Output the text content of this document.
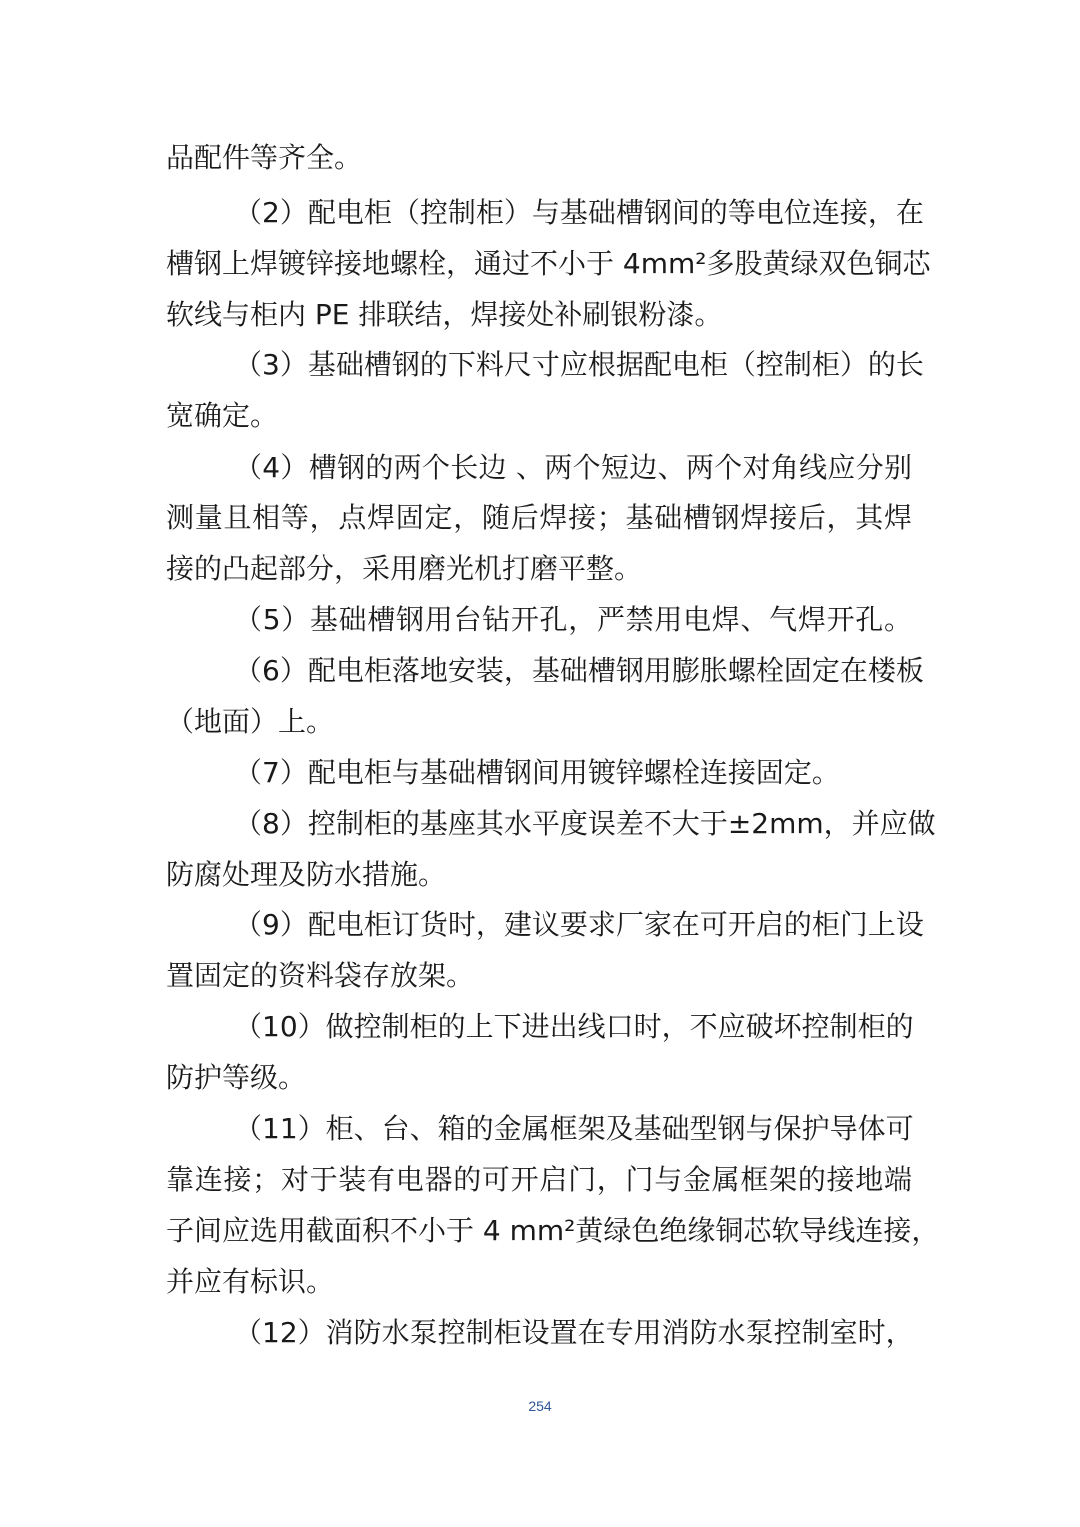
品配件等齐全。
（2）配电柜（控制柜）与基础槽钢间的等电位连接，在
槽钢上焊镀锌接地螺栓，通过不小于 4mm²多股黄绿双色铜芯
软线与柜内 PE 排联结，焊接处补刷银粉漆。
（3）基础槽钢的下料尺寸应根据配电柜（控制柜）的长
宽确定。
（4）槽钢的两个长边 、两个短边、两个对角线应分别
测量且相等，点焊固定，随后焊接；基础槽钢焊接后，其焊
接的凸起部分，采用磨光机打磨平整。
（5）基础槽钢用台钻开孔，严禁用电焊、气焊开孔。
（6）配电柜落地安装，基础槽钢用膨胀螺栓固定在楼板
（地面）上。
（7）配电柜与基础槽钢间用镀锌螺栓连接固定。
（8）控制柜的基座其水平度误差不大于±2mm，并应做
防腐处理及防水措施。
（9）配电柜订货时，建议要求厂家在可开启的柜门上设
置固定的资料袋存放架。
（10）做控制柜的上下进出线口时，不应破坏控制柜的
防护等级。
（11）柜、台、箱的金属框架及基础型钢与保护导体可
靠连接；对于装有电器的可开启门，门与金属框架的接地端
子间应选用截面积不小于 4 mm²黄绿色绝缘铜芯软导线连接，
并应有标识。
（12）消防水泵控制柜设置在专用消防水泵控制室时，
254
